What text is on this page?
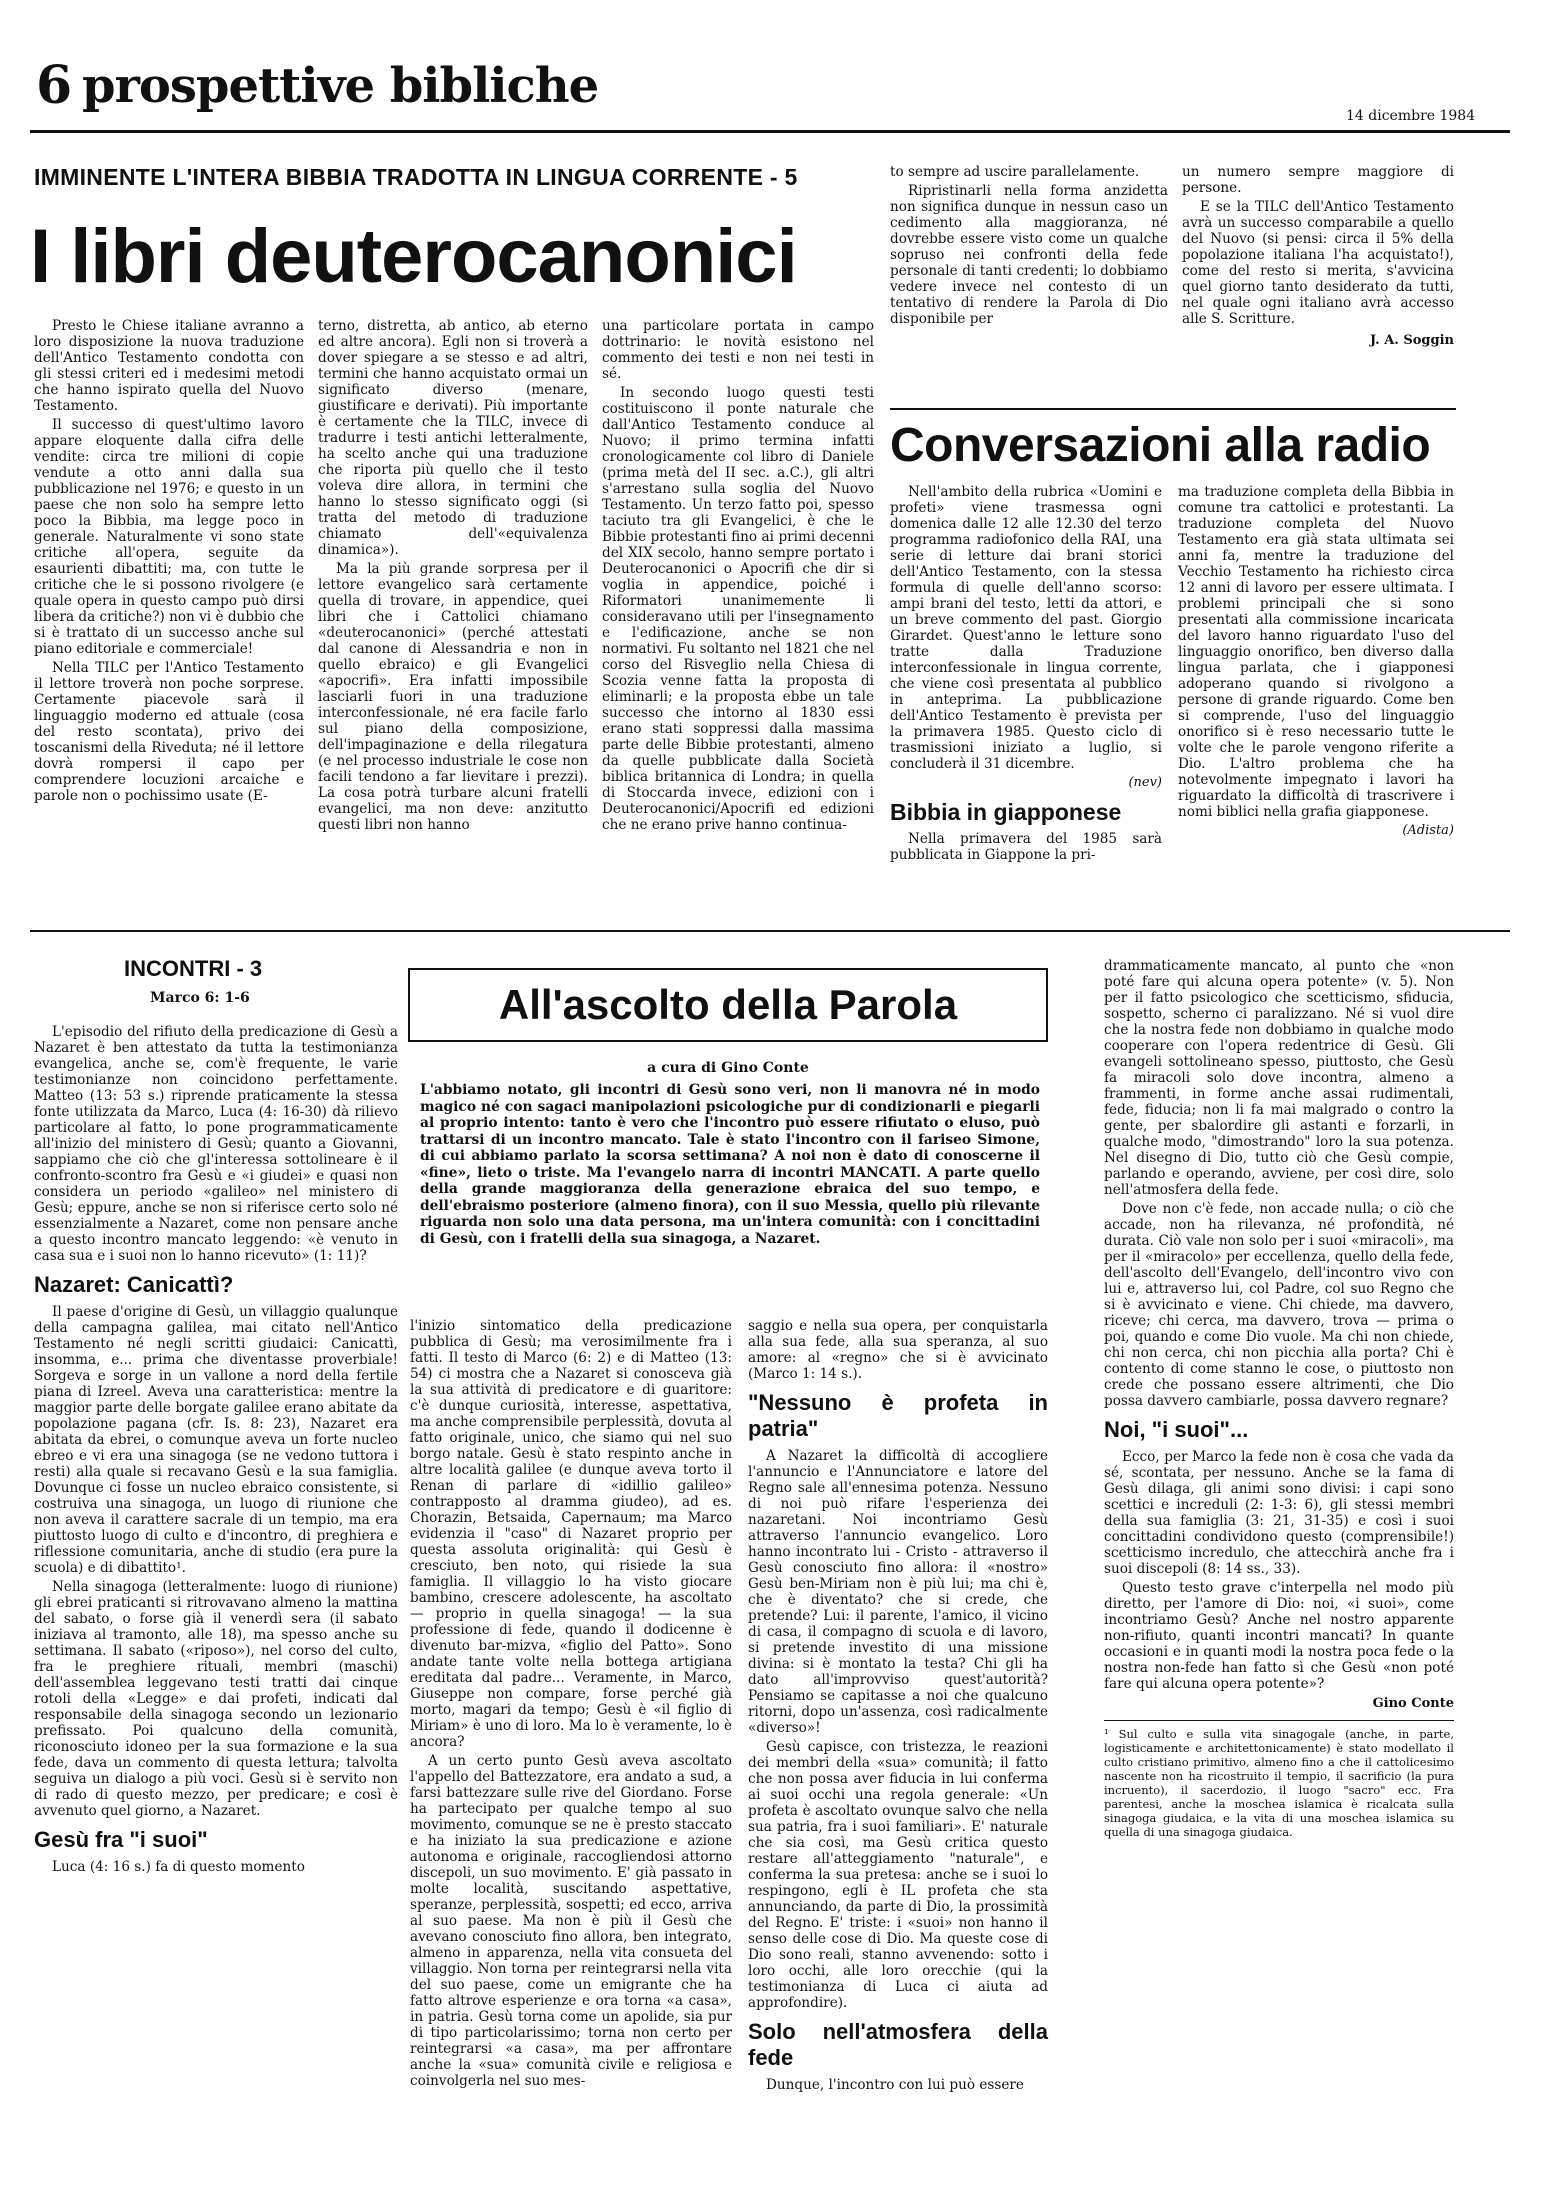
6 prospettive bibliche
14 dicembre 1984
IMMINENTE L'INTERA BIBBIA TRADOTTA IN LINGUA CORRENTE - 5
I libri deuterocanonici

Presto le Chiese italiane avranno a loro disposizione la nuova traduzione dell'Antico Testamento condotta con gli stessi criteri ed i medesimi metodi che hanno ispirato quella del Nuovo Testamento.

Il successo di quest'ultimo lavoro appare eloquente dalla cifra delle vendite: circa tre milioni di copie vendute a otto anni dalla sua pubblicazione nel 1976; e questo in un paese che non solo ha sempre letto poco la Bibbia, ma legge poco in generale. Naturalmente vi sono state critiche all'opera, seguite da esaurienti dibattiti; ma, con tutte le critiche che le si possono rivolgere (e quale opera in questo campo può dirsi libera da critiche?) non vi è dubbio che si è trattato di un successo anche sul piano editoriale e commerciale!

Nella TILC per l'Antico Testamento il lettore troverà non poche sorprese. Certamente piacevole sarà il linguaggio moderno ed attuale (cosa del resto scontata), privo dei toscanismi della Riveduta; né il lettore dovrà rompersi il capo per comprendere locuzioni arcaiche e parole non o pochissimo usate (E-

terno, distretta, ab antico, ab eterno ed altre ancora). Egli non si troverà a dover spiegare a se stesso e ad altri, termini che hanno acquistato ormai un significato diverso (menare, giustificare e derivati). Più importante è certamente che la TILC, invece di tradurre i testi antichi letteralmente, ha scelto anche qui una traduzione che riporta più quello che il testo voleva dire allora, in termini che hanno lo stesso significato oggi (si tratta del metodo di traduzione chiamato dell'«equivalenza dinamica»).

Ma la più grande sorpresa per il lettore evangelico sarà certamente quella di trovare, in appendice, quei libri che i Cattolici chiamano «deuterocanonici» (perché attestati dal canone di Alessandria e non in quello ebraico) e gli Evangelici «apocrifi». Era infatti impossibile lasciarli fuori in una traduzione interconfessionale, né era facile farlo sul piano della composizione, dell'impaginazione e della rilegatura (e nel processo industriale le cose non facili tendono a far lievitare i prezzi). La cosa potrà turbare alcuni fratelli evangelici, ma non deve: anzitutto questi libri non hanno

una particolare portata in campo dottrinario: le novità esistono nel commento dei testi e non nei testi in sé.

In secondo luogo questi testi costituiscono il ponte naturale che dall'Antico Testamento conduce al Nuovo; il primo termina infatti cronologicamente col libro di Daniele (prima metà del II sec. a.C.), gli altri s'arrestano sulla soglia del Nuovo Testamento. Un terzo fatto poi, spesso taciuto tra gli Evangelici, è che le Bibbie protestanti fino ai primi decenni del XIX secolo, hanno sempre portato i Deuterocanonici o Apocrifi che dir si voglia in appendice, poiché i Riformatori unanimemente li consideravano utili per l'insegnamento e l'edificazione, anche se non normativi. Fu soltanto nel 1821 che nel corso del Risveglio nella Chiesa di Scozia venne fatta la proposta di eliminarli; e la proposta ebbe un tale successo che intorno al 1830 essi erano stati soppressi dalla massima parte delle Bibbie protestanti, almeno da quelle pubblicate dalla Società biblica britannica di Londra; in quella di Stoccarda invece, edizioni con i Deuterocanonici/Apocrifi ed edizioni che ne erano prive hanno continua-

to sempre ad uscire parallelamente.

Ripristinarli nella forma anzidetta non significa dunque in nessun caso un cedimento alla maggioranza, né dovrebbe essere visto come un qualche sopruso nei confronti della fede personale di tanti credenti; lo dobbiamo vedere invece nel contesto di un tentativo di rendere la Parola di Dio disponibile per

un numero sempre maggiore di persone.

E se la TILC dell'Antico Testamento avrà un successo comparabile a quello del Nuovo (si pensi: circa il 5% della popolazione italiana l'ha acquistato!), come del resto si merita, s'avvicina quel giorno tanto desiderato da tutti, nel quale ogni italiano avrà accesso alle S. Scritture.

J. A. Soggin
Conversazioni alla radio

Nell'ambito della rubrica «Uomini e profeti» viene trasmessa ogni domenica dalle 12 alle 12.30 del terzo programma radiofonico della RAI, una serie di letture dai brani storici dell'Antico Testamento, con la stessa formula di quelle dell'anno scorso: ampi brani del testo, letti da attori, e un breve commento del past. Giorgio Girardet. Quest'anno le letture sono tratte dalla Traduzione interconfessionale in lingua corrente, che viene così presentata al pubblico in anteprima. La pubblicazione dell'Antico Testamento è prevista per la primavera 1985. Questo ciclo di trasmissioni iniziato a luglio, si concluderà il 31 dicembre.

(nev)
Bibbia in giapponese

Nella primavera del 1985 sarà pubblicata in Giappone la pri-

ma traduzione completa della Bibbia in comune tra cattolici e protestanti. La traduzione completa del Nuovo Testamento era già stata ultimata sei anni fa, mentre la traduzione del Vecchio Testamento ha richiesto circa 12 anni di lavoro per essere ultimata. I problemi principali che si sono presentati alla commissione incaricata del lavoro hanno riguardato l'uso del linguaggio onorifico, ben diverso dalla lingua parlata, che i giapponesi adoperano quando si rivolgono a persone di grande riguardo. Come ben si comprende, l'uso del linguaggio onorifico si è reso necessario tutte le volte che le parole vengono riferite a Dio. L'altro problema che ha notevolmente impegnato i lavori ha riguardato la difficoltà di trascrivere i nomi biblici nella grafia giapponese.

(Adista)
INCONTRI - 3
Marco 6: 1-6	All'ascolto della Parola
a cura di Gino Conte
L'abbiamo notato, gli incontri di Gesù sono veri, non li manovra né in modo magico né con sagaci manipolazioni psicologiche pur di condizionarli e piegarli al proprio intento: tanto è vero che l'incontro può essere rifiutato o eluso, può trattarsi di un incontro mancato. Tale è stato l'incontro con il fariseo Simone, di cui abbiamo parlato la scorsa settimana? A noi non è dato di conoscerne il «fine», lieto o triste. Ma l'evangelo narra di incontri MANCATI. A parte quello della grande maggioranza della generazione ebraica del suo tempo, e dell'ebraismo posteriore (almeno finora), con il suo Messia, quello più rilevante riguarda non solo una data persona, ma un'intera comunità: con i concittadini di Gesù, con i fratelli della sua sinagoga, a Nazaret.

L'episodio del rifiuto della predicazione di Gesù a Nazaret è ben attestato da tutta la testimonianza evangelica, anche se, com'è frequente, le varie testimonianze non coincidono perfettamente. Matteo (13: 53 s.) riprende praticamente la stessa fonte utilizzata da Marco, Luca (4: 16-30) dà rilievo particolare al fatto, lo pone programmaticamente all'inizio del ministero di Gesù; quanto a Giovanni, sappiamo che ciò che gl'interessa sottolineare è il confronto-scontro fra Gesù e «i giudei» e quasi non considera un periodo «galileo» nel ministero di Gesù; eppure, anche se non si riferisce certo solo né essenzialmente a Nazaret, come non pensare anche a questo incontro mancato leggendo: «è venuto in casa sua e i suoi non lo hanno ricevuto» (1: 11)?

Nazaret: Canicattì?

Il paese d'origine di Gesù, un villaggio qualunque della campagna galilea, mai citato nell'Antico Testamento né negli scritti giudaici: Canicattì, insomma, e... prima che diventasse proverbiale! Sorgeva e sorge in un vallone a nord della fertile piana di Izreel. Aveva una caratteristica: mentre la maggior parte delle borgate galilee erano abitate da popolazione pagana (cfr. Is. 8: 23), Nazaret era abitata da ebrei, o comunque aveva un forte nucleo ebreo e vi era una sinagoga (se ne vedono tuttora i resti) alla quale si recavano Gesù e la sua famiglia. Dovunque ci fosse un nucleo ebraico consistente, si costruiva una sinagoga, un luogo di riunione che non aveva il carattere sacrale di un tempio, ma era piuttosto luogo di culto e d'incontro, di preghiera e riflessione comunitaria, anche di studio (era pure la scuola) e di dibattito¹.

Nella sinagoga (letteralmente: luogo di riunione) gli ebrei praticanti si ritrovavano almeno la mattina del sabato, o forse già il venerdì sera (il sabato iniziava al tramonto, alle 18), ma spesso anche su settimana. Il sabato («riposo»), nel corso del culto, fra le preghiere rituali, membri (maschi) dell'assemblea leggevano testi tratti dai cinque rotoli della «Legge» e dai profeti, indicati dal responsabile della sinagoga secondo un lezionario prefissato. Poi qualcuno della comunità, riconosciuto idoneo per la sua formazione e la sua fede, dava un commento di questa lettura; talvolta seguiva un dialogo a più voci. Gesù si è servito non di rado di questo mezzo, per predicare; e così è avvenuto quel giorno, a Nazaret.

Gesù fra "i suoi"

Luca (4: 16 s.) fa di questo momento

l'inizio sintomatico della predicazione pubblica di Gesù; ma verosimilmente fra i fatti. Il testo di Marco (6: 2) e di Matteo (13: 54) ci mostra che a Nazaret si conosceva già la sua attività di predicatore e di guaritore: c'è dunque curiosità, interesse, aspettativa, ma anche comprensibile perplessità, dovuta al fatto originale, unico, che siamo qui nel suo borgo natale. Gesù è stato respinto anche in altre località galilee (e dunque aveva torto il Renan di parlare di «idillio galileo» contrapposto al dramma giudeo), ad es. Chorazin, Betsaida, Capernaum; ma Marco evidenzia il "caso" di Nazaret proprio per questa assoluta originalità: qui Gesù è cresciuto, ben noto, qui risiede la sua famiglia. Il villaggio lo ha visto giocare bambino, crescere adolescente, ha ascoltato — proprio in quella sinagoga! — la sua professione di fede, quando il dodicenne è divenuto bar-mizva, «figlio del Patto». Sono andate tante volte nella bottega artigiana ereditata dal padre... Veramente, in Marco, Giuseppe non compare, forse perché già morto, magari da tempo; Gesù è «il figlio di Miriam» è uno di loro. Ma lo è veramente, lo è ancora?

A un certo punto Gesù aveva ascoltato l'appello del Battezzatore, era andato a sud, a farsi battezzare sulle rive del Giordano. Forse ha partecipato per qualche tempo al suo movimento, comunque se ne è presto staccato e ha iniziato la sua predicazione e azione autonoma e originale, raccogliendosi attorno discepoli, un suo movimento. E' già passato in molte località, suscitando aspettative, speranze, perplessità, sospetti; ed ecco, arriva al suo paese. Ma non è più il Gesù che avevano conosciuto fino allora, ben integrato, almeno in apparenza, nella vita consueta del villaggio. Non torna per reintegrarsi nella vita del suo paese, come un emigrante che ha fatto altrove esperienze e ora torna «a casa», in patria. Gesù torna come un apolide, sia pur di tipo particolarissimo; torna non certo per reintegrarsi «a casa», ma per affrontare anche la «sua» comunità civile e religiosa e coinvolgerla nel suo mes-

saggio e nella sua opera, per conquistarla alla sua fede, alla sua speranza, al suo amore: al «regno» che si è avvicinato (Marco 1: 14 s.).

"Nessuno è profeta in patria"

A Nazaret la difficoltà di accogliere l'annuncio e l'Annunciatore e latore del Regno sale all'ennesima potenza. Nessuno di noi può rifare l'esperienza dei nazaretani. Noi incontriamo Gesù attraverso l'annuncio evangelico. Loro hanno incontrato lui - Cristo - attraverso il Gesù conosciuto fino allora: il «nostro» Gesù ben-Miriam non è più lui; ma chi è, che è diventato? che si crede, che pretende? Lui: il parente, l'amico, il vicino di casa, il compagno di scuola e di lavoro, si pretende investito di una missione divina: si è montato la testa? Chi gli ha dato all'improvviso quest'autorità? Pensiamo se capitasse a noi che qualcuno ritorni, dopo un'assenza, così radicalmente «diverso»!

Gesù capisce, con tristezza, le reazioni dei membri della «sua» comunità; il fatto che non possa aver fiducia in lui conferma ai suoi occhi una regola generale: «Un profeta è ascoltato ovunque salvo che nella sua patria, fra i suoi familiari». E' naturale che sia così, ma Gesù critica questo restare all'atteggiamento "naturale", e conferma la sua pretesa: anche se i suoi lo respingono, egli è IL profeta che sta annunciando, da parte di Dio, la prossimità del Regno. E' triste: i «suoi» non hanno il senso delle cose di Dio. Ma queste cose di Dio sono reali, stanno avvenendo: sotto i loro occhi, alle loro orecchie (qui la testimonianza di Luca ci aiuta ad approfondire).

Solo nell'atmosfera della fede

Dunque, l'incontro con lui può essere

drammaticamente mancato, al punto che «non poté fare qui alcuna opera potente» (v. 5). Non per il fatto psicologico che scetticismo, sfiducia, sospetto, scherno ci paralizzano. Né si vuol dire che la nostra fede non dobbiamo in qualche modo cooperare con l'opera redentrice di Gesù. Gli evangeli sottolineano spesso, piuttosto, che Gesù fa miracoli solo dove incontra, almeno a frammenti, in forme anche assai rudimentali, fede, fiducia; non li fa mai malgrado o contro la gente, per sbalordire gli astanti e forzarli, in qualche modo, "dimostrando" loro la sua potenza. Nel disegno di Dio, tutto ciò che Gesù compie, parlando e operando, avviene, per così dire, solo nell'atmosfera della fede.

Dove non c'è fede, non accade nulla; o ciò che accade, non ha rilevanza, né profondità, né durata. Ciò vale non solo per i suoi «miracoli», ma per il «miracolo» per eccellenza, quello della fede, dell'ascolto dell'Evangelo, dell'incontro vivo con lui e, attraverso lui, col Padre, col suo Regno che si è avvicinato e viene. Chi chiede, ma davvero, riceve; chi cerca, ma davvero, trova — prima o poi, quando e come Dio vuole. Ma chi non chiede, chi non cerca, chi non picchia alla porta? Chi è contento di come stanno le cose, o piuttosto non crede che possano essere altrimenti, che Dio possa davvero cambiarle, possa davvero regnare?

Noi, "i suoi"...

Ecco, per Marco la fede non è cosa che vada da sé, scontata, per nessuno. Anche se la fama di Gesù dilaga, gli animi sono divisi: i capi sono scettici e increduli (2: 1-3: 6), gli stessi membri della sua famiglia (3: 21, 31-35) e così i suoi concittadini condividono questo (comprensibile!) scetticismo incredulo, che attecchirà anche fra i suoi discepoli (8: 14 ss., 33).

Questo testo grave c'interpella nel modo più diretto, per l'amore di Dio: noi, «i suoi», come incontriamo Gesù? Anche nel nostro apparente non-rifiuto, quanti incontri mancati? In quante occasioni e in quanti modi la nostra poca fede o la nostra non-fede han fatto sì che Gesù «non poté fare qui alcuna opera potente»?

Gino Conte
¹ Sul culto e sulla vita sinagogale (anche, in parte, logisticamente e architettonicamente) è stato modellato il culto cristiano primitivo, almeno fino a che il cattolicesimo nascente non ha ricostruito il tempio, il sacrificio (la pura incruento), il sacerdozio, il luogo "sacro" ecc. Fra parentesi, anche la moschea islamica è ricalcata sulla sinagoga giudaica, e la vita di una moschea islamica su quella di una sinagoga giudaica.
